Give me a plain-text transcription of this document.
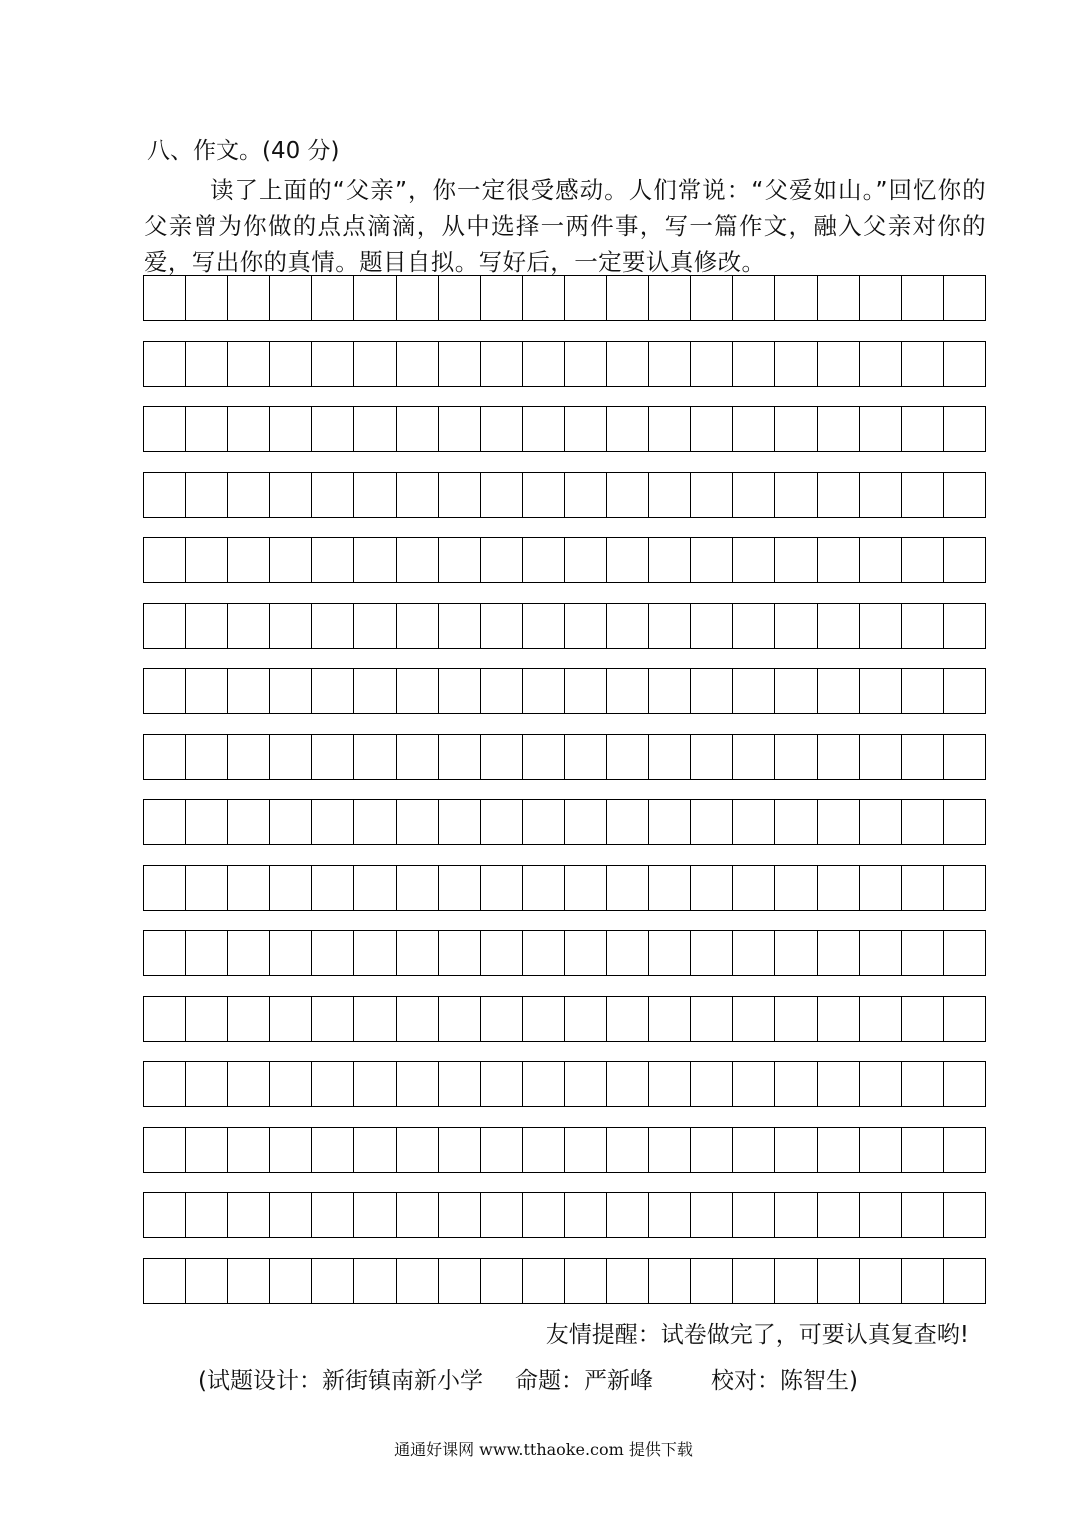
八、作文。(40 分)
读了上面的“父亲”，你一定很受感动。人们常说：“父爱如山。”回忆你的父亲曾为你做的点点滴滴，从中选择一两件事，写一篇作文，融入父亲对你的爱，写出你的真情。题目自拟。写好后，一定要认真修改。
友情提醒：试卷做完了，可要认真复查哟!
(试题设计：新街镇南新小学 命题：严新峰	校对：陈智生)
通通好课网 www.tthaoke.com 提供下载
